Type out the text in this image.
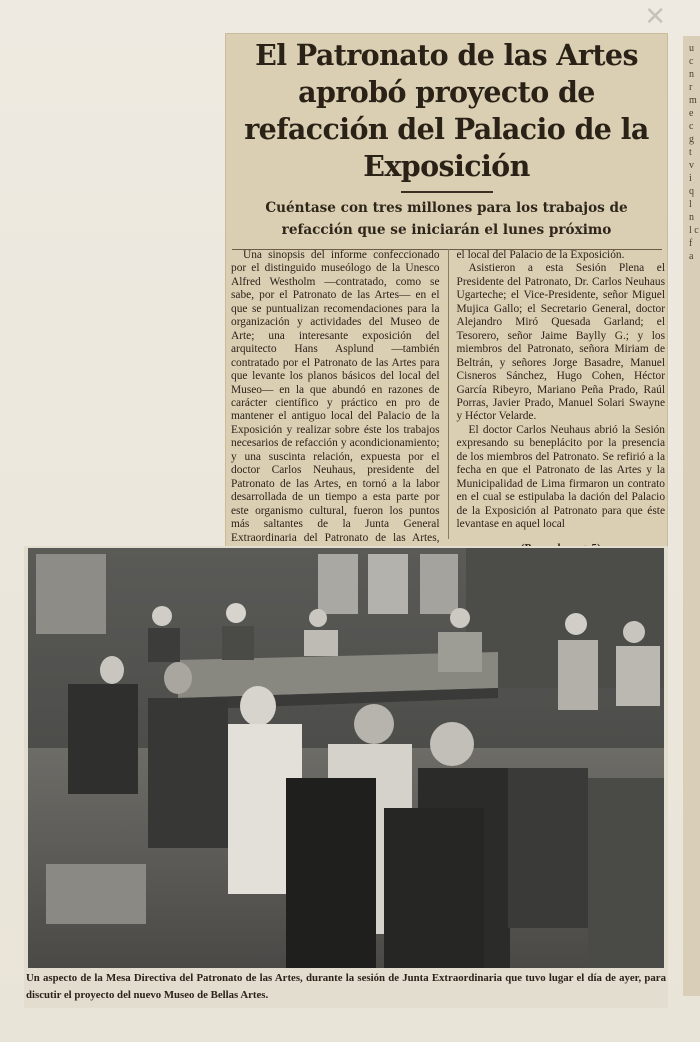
✕
u c n r m e c g t v i q l n l c f a
El Patronato de las Artes aprobó proyecto de refacción del Palacio de la Exposición
Cuéntase con tres millones para los trabajos de refacción que se iniciarán el lunes próximo

Una sinopsis del informe confeccionado por el distinguido museólogo de la Unesco Alfred Westholm —contratado, como se sabe, por el Patronato de las Artes— en el que se puntualizan recomendaciones para la organización y actividades del Museo de Arte; una interesante exposición del arquitecto Hans Asplund —también contratado por el Patronato de las Artes para que levante los planos básicos del local del Museo— en la que abundó en razones de carácter científico y práctico en pro de mantener el antiguo local del Palacio de la Exposición y realizar sobre éste los trabajos necesarios de refacción y acondicionamiento; y una suscinta relación, expuesta por el doctor Carlos Neuhaus, presidente del Patronato de las Artes, en tornó a la labor desarrollada de un tiempo a esta parte por este organismo cultural, fueron los puntos más saltantes de la Junta General Extraordinaria del Patronato de las Artes,

el local del Palacio de la Exposición.

Asistieron a esta Sesión Plena el Presidente del Patronato, Dr. Carlos Neuhaus Ugarteche; el Vice-Presidente, señor Miguel Mujica Gallo; el Secretario General, doctor Alejandro Miró Quesada Garland; el Tesorero, señor Jaime Baylly G.; y los miembros del Patronato, señora Miriam de Beltrán, y señores Jorge Basadre, Manuel Cisneros Sánchez, Hugo Cohen, Héctor García Ribeyro, Mariano Peña Prado, Raúl Porras, Javier Prado, Manuel Solari Swayne y Héctor Velarde.

El doctor Carlos Neuhaus abrió la Sesión expresando su beneplácito por la presencia de los miembros del Patronato. Se refirió a la fecha en que el Patronato de las Artes y la Municipalidad de Lima firmaron un contrato en el cual se estipulaba la dación del Palacio de la Exposición al Patronato para que éste levantase en aquel local

Un aspecto de la Mesa Directiva del Patronato de las Artes, durante la sesión de Junta Extraordinaria que tuvo lugar el día de ayer, para discutir el proyecto del nuevo Museo de Bellas Artes.
